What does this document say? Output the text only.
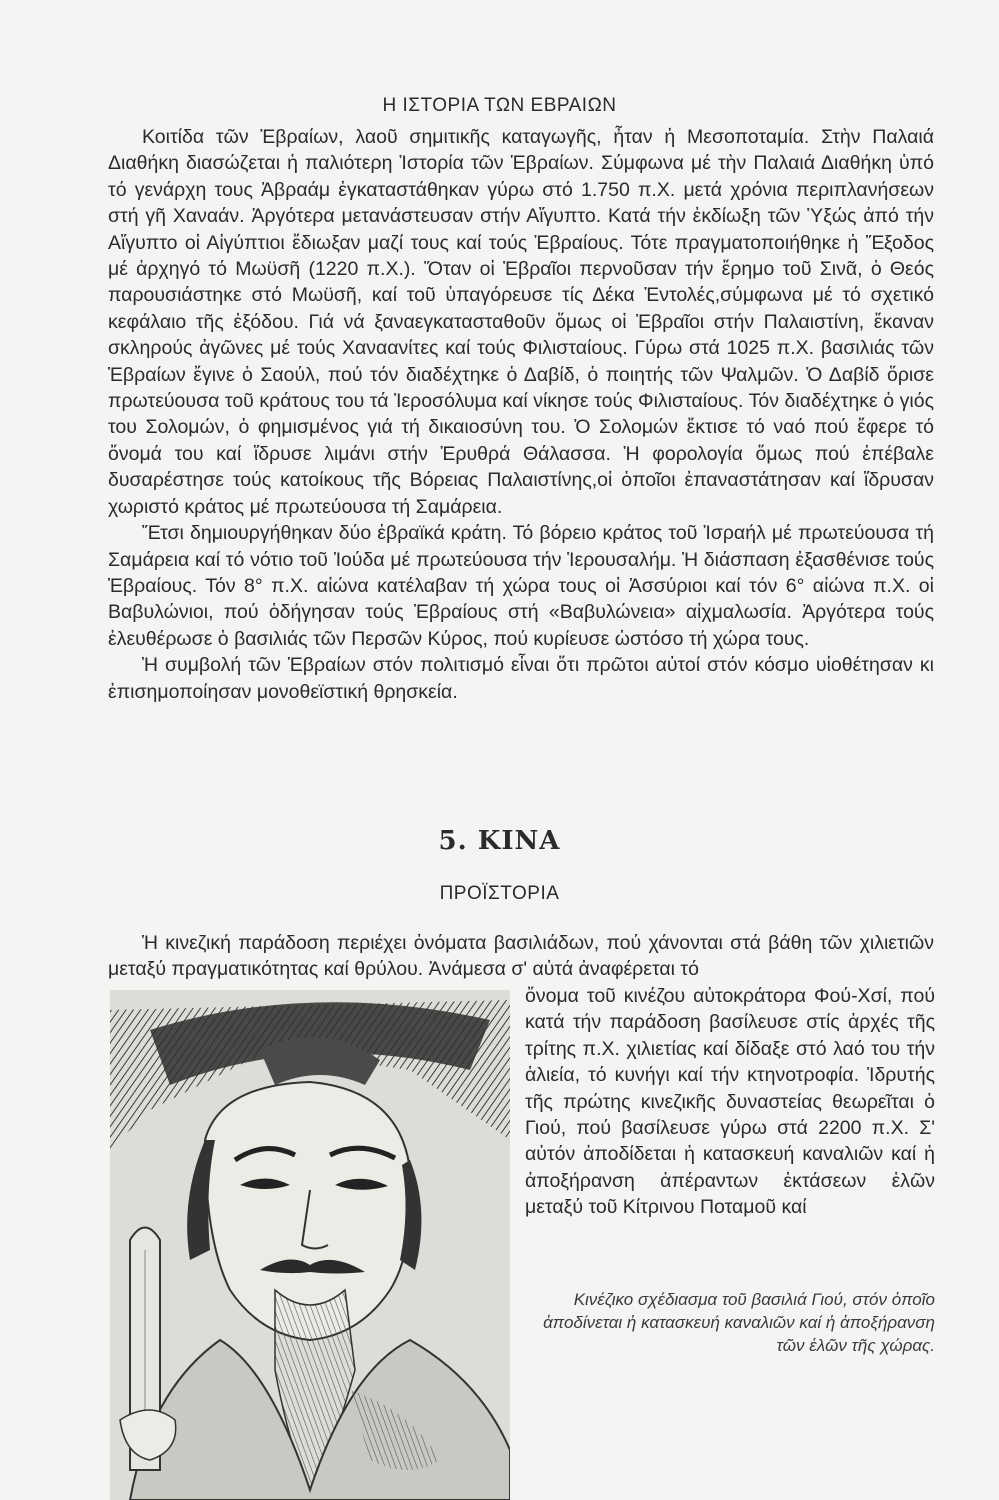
Η ΙΣΤΟΡΙΑ ΤΩΝ ΕΒΡΑΙΩΝ

Κοιτίδα τῶν Ἑβραίων, λαοῦ σημιτικῆς καταγωγῆς, ἦταν ἡ Μεσοποταμία. Στὴν Παλαιά Διαθήκη διασώζεται ἡ παλιότερη Ἱστορία τῶν Ἑβραίων. Σύμφωνα μέ τὴν Παλαιά Διαθήκη ὑπό τό γενάρχη τους Ἀβραάμ ἐγκαταστάθηκαν γύρω στό 1.750 π.Χ. μετά χρόνια περιπλανήσεων στή γῆ Χαναάν. Ἀργότερα μετανάστευσαν στήν Αἴγυπτο. Κατά τήν ἐκδίωξη τῶν Ὑξώς ἀπό τήν Αἴγυπτο οἱ Αἰγύπτιοι ἔδιωξαν μαζί τους καί τούς Ἑβραίους. Τότε πραγματοποιήθηκε ἡ Ἔξοδος μέ ἀρχηγό τό Μωϋσῆ (1220 π.Χ.). Ὅταν οἱ Ἑβραῖοι περνοῦσαν τήν ἔρημο τοῦ Σινᾶ, ὁ Θεός παρουσιάστηκε στό Μωϋσῆ, καί τοῦ ὑπαγόρευσε τίς Δέκα Ἐντολές,σύμφωνα μέ τό σχετικό κεφάλαιο τῆς ἐξόδου. Γιά νά ξαναεγκατασταθοῦν ὅμως οἱ Ἑβραῖοι στήν Παλαιστίνη, ἔκαναν σκληρούς ἀγῶνες μέ τούς Χαναανίτες καί τούς Φιλισταίους. Γύρω στά 1025 π.Χ. βασιλιάς τῶν Ἑβραίων ἔγινε ὁ Σαούλ, πού τόν διαδέχτηκε ὁ Δαβίδ, ὁ ποιητής τῶν Ψαλμῶν. Ὁ Δαβίδ ὅρισε πρωτεύουσα τοῦ κράτους του τά Ἱεροσόλυμα καί νίκησε τούς Φιλισταίους. Τόν διαδέχτηκε ὁ γιός του Σολομών, ὁ φημισμένος γιά τή δικαιοσύνη του. Ὁ Σολομών ἔκτισε τό ναό πού ἔφερε τό ὄνομά του καί ἵδρυσε λιμάνι στήν Ἐρυθρά Θάλασσα. Ἡ φορολογία ὅμως πού ἐπέβαλε δυσαρέστησε τούς κατοίκους τῆς Βόρειας Παλαιστίνης,οἱ ὁποῖοι ἐπαναστάτησαν καί ἵδρυσαν χωριστό κράτος μέ πρωτεύουσα τή Σαμάρεια.

Ἔτσι δημιουργήθηκαν δύο ἑβραϊκά κράτη. Τό βόρειο κράτος τοῦ Ἰσραήλ μέ πρωτεύουσα τή Σαμάρεια καί τό νότιο τοῦ Ἰούδα μέ πρωτεύουσα τήν Ἱερουσαλήμ. Ἡ διάσπαση ἐξασθένισε τούς Ἑβραίους. Τόν 8° π.Χ. αἰώνα κατέλαβαν τή χώρα τους οἱ Ἀσσύριοι καί τόν 6° αἰώνα π.Χ. οἱ Βαβυλώνιοι, πού ὁδήγησαν τούς Ἑβραίους στή «Βαβυλώνεια» αἰχμαλωσία. Ἀργότερα τούς ἐλευθέρωσε ὁ βασιλιάς τῶν Περσῶν Κύρος, πού κυρίευσε ὡστόσο τή χώρα τους.

Ἡ συμβολή τῶν Ἑβραίων στόν πολιτισμό εἶναι ὅτι πρῶτοι αὐτοί στόν κόσμο υἱοθέτησαν κι ἐπισημοποίησαν μονοθεϊστική θρησκεία.

5. ΚΙΝΑ
ΠΡΟΪΣΤΟΡΙΑ

Ἡ κινεζική παράδοση περιέχει ὀνόματα βασιλιάδων, πού χάνονται στά βάθη τῶν χιλιετιῶν μεταξύ πραγματικότητας καί θρύλου. Ἀνάμεσα σ' αὐτά ἀναφέρεται τό

ὄνομα τοῦ κινέζου αὐτοκράτορα Φού-Χσί, πού κατά τήν παράδοση βασίλευσε στίς ἀρχές τῆς τρίτης π.Χ. χιλιετίας καί δίδαξε στό λαό του τήν ἁλιεία, τό κυνήγι καί τήν κτηνοτροφία. Ἱδρυτής τῆς πρώτης κινεζικῆς δυναστείας θεωρεῖται ὁ Γιού, πού βασίλευσε γύρω στά 2200 π.Χ. Σ' αὐτόν ἀποδίδεται ἡ κατασκευή καναλιῶν καί ἡ ἀποξήρανση ἀπέραντων ἐκτάσεων ἑλῶν μεταξύ τοῦ Κίτρινου Ποταμοῦ καί

Κινέζικο σχέδιασμα τοῦ βασιλιά Γιού, στόν ὁποῖο ἀποδίνεται ἡ κατασκευή καναλιῶν καί ἡ ἀποξήρανση τῶν ἑλῶν τῆς χώρας.
